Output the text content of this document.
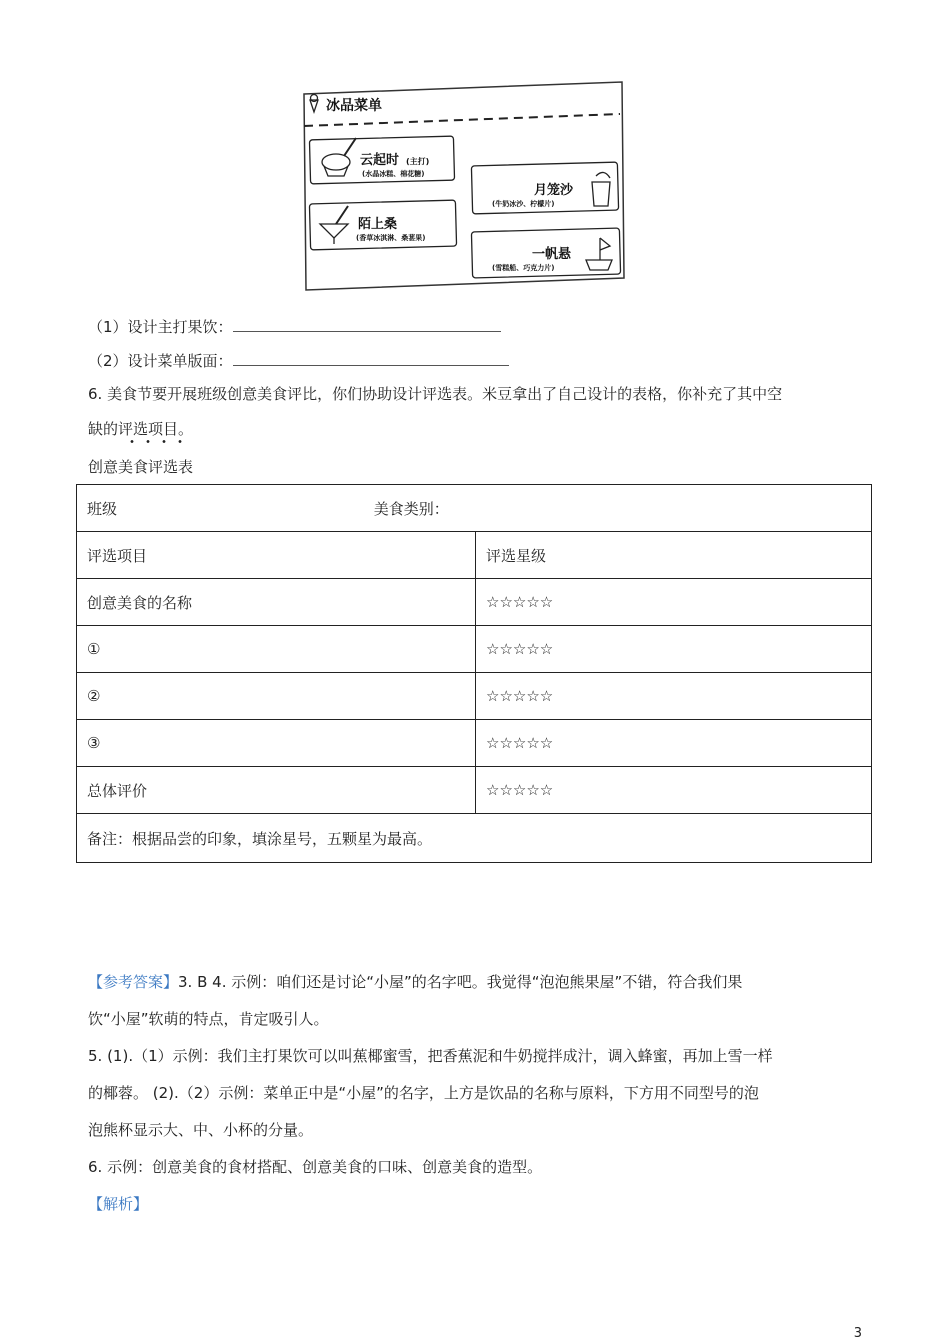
冰品菜单
云起时 (主打)
(水晶冰糕、棉花糖)
月笼沙
(牛奶冰沙、柠檬片)
陌上桑
(香草冰淇淋、桑葚果)
一帆悬
(雪糕船、巧克力片)
（1）设计主打果饮：
（2）设计菜单版面：
6. 美食节要开展班级创意美食评比，你们协助设计评选表。米豆拿出了自己设计的表格，你补充了其中空
缺的评选项目。
创意美食评选表
班级 美食类别：	
评选项目	评选星级
创意美食的名称	☆☆☆☆☆
①	☆☆☆☆☆
②	☆☆☆☆☆
③	☆☆☆☆☆
总体评价	☆☆☆☆☆
备注：根据品尝的印象，填涂星号，五颗星为最高。	
【参考答案】3. B 4. 示例：咱们还是讨论“小屋”的名字吧。我觉得“泡泡熊果屋”不错，符合我们果
饮“小屋”软萌的特点，肯定吸引人。
5. (1).（1）示例：我们主打果饮可以叫蕉椰蜜雪，把香蕉泥和牛奶搅拌成汁，调入蜂蜜，再加上雪一样
的椰蓉。 (2).（2）示例：菜单正中是“小屋”的名字，上方是饮品的名称与原料，下方用不同型号的泡
泡熊杯显示大、中、小杯的分量。
6. 示例：创意美食的食材搭配、创意美食的口味、创意美食的造型。
【解析】
3
